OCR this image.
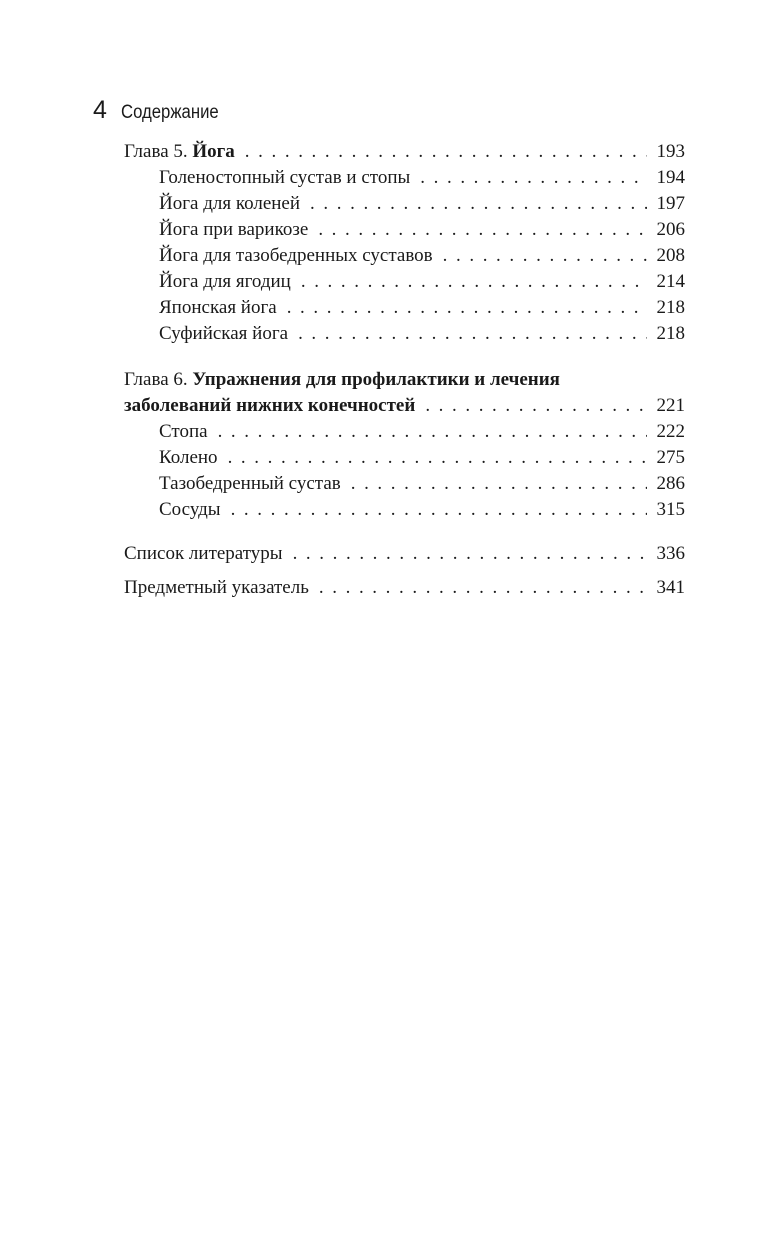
4 Содержание
Глава 5. Йога .....	193
Голеностопный сустав и стопы .....	194
Йога для коленей .....	197
Йога при варикозе .....	206
Йога для тазобедренных суставов .....	208
Йога для ягодиц .....	214
Японская йога .....	218
Суфийская йога .....	218
Глава 6. Упражнения для профилактики и лечения
заболеваний нижних конечностей .....	221
Стопа .....	222
Колено .....	275
Тазобедренный сустав .....	286
Сосуды .....	315
Список литературы .....	336
Предметный указатель .....	341
